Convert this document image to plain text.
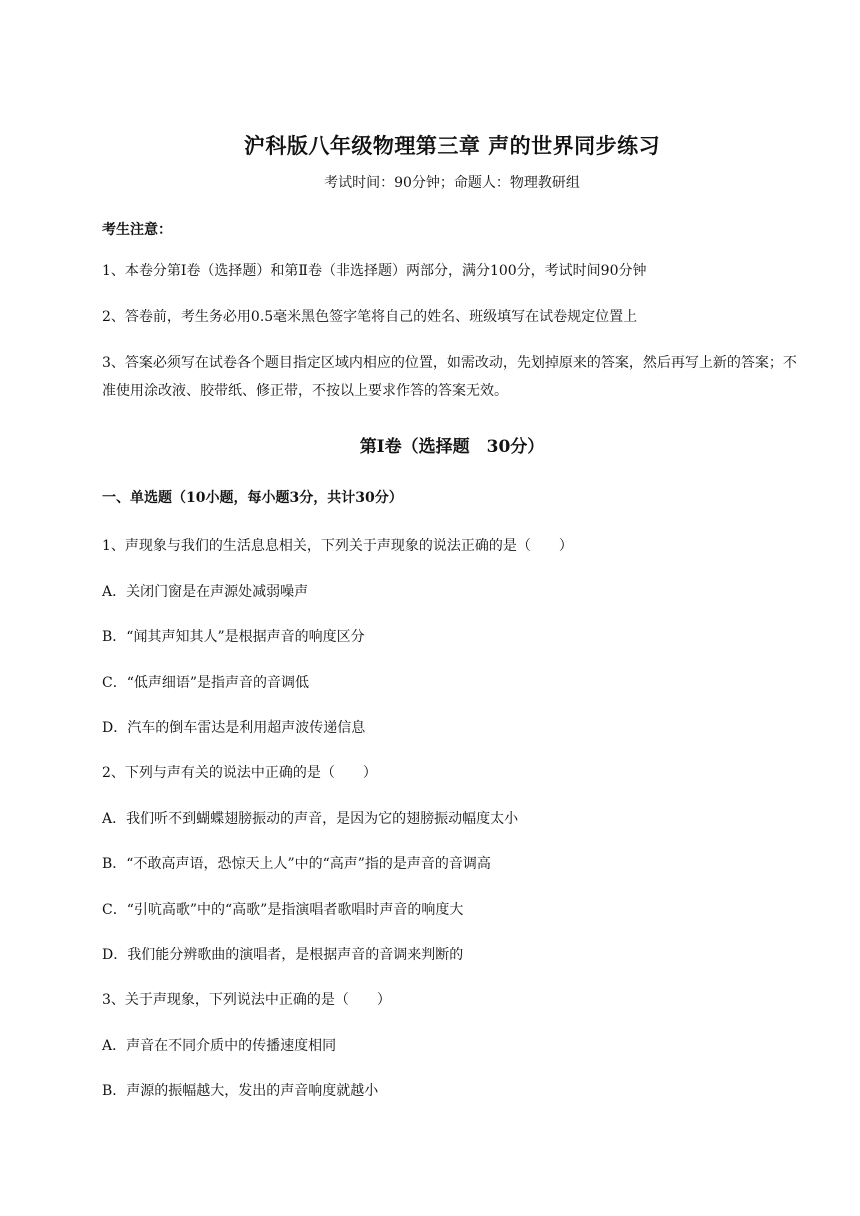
沪科版八年级物理第三章 声的世界同步练习
考试时间：90分钟；命题人：物理教研组
考生注意：
1、本卷分第Ⅰ卷（选择题）和第Ⅱ卷（非选择题）两部分，满分100分，考试时间90分钟
2、答卷前，考生务必用0.5毫米黑色签字笔将自己的姓名、班级填写在试卷规定位置上
3、答案必须写在试卷各个题目指定区域内相应的位置，如需改动，先划掉原来的答案，然后再写上新的答案；不准使用涂改液、胶带纸、修正带，不按以上要求作答的答案无效。
第Ⅰ卷（选择题　30分）
一、单选题（10小题，每小题3分，共计30分）
1、声现象与我们的生活息息相关，下列关于声现象的说法正确的是（　　）
A．关闭门窗是在声源处减弱噪声
B．“闻其声知其人”是根据声音的响度区分
C．“低声细语”是指声音的音调低
D．汽车的倒车雷达是利用超声波传递信息
2、下列与声有关的说法中正确的是（　　）
A．我们听不到蝴蝶翅膀振动的声音，是因为它的翅膀振动幅度太小
B．“不敢高声语，恐惊天上人”中的“高声”指的是声音的音调高
C．“引吭高歌”中的“高歌”是指演唱者歌唱时声音的响度大
D．我们能分辨歌曲的演唱者，是根据声音的音调来判断的
3、关于声现象，下列说法中正确的是（　　）
A．声音在不同介质中的传播速度相同
B．声源的振幅越大，发出的声音响度就越小
